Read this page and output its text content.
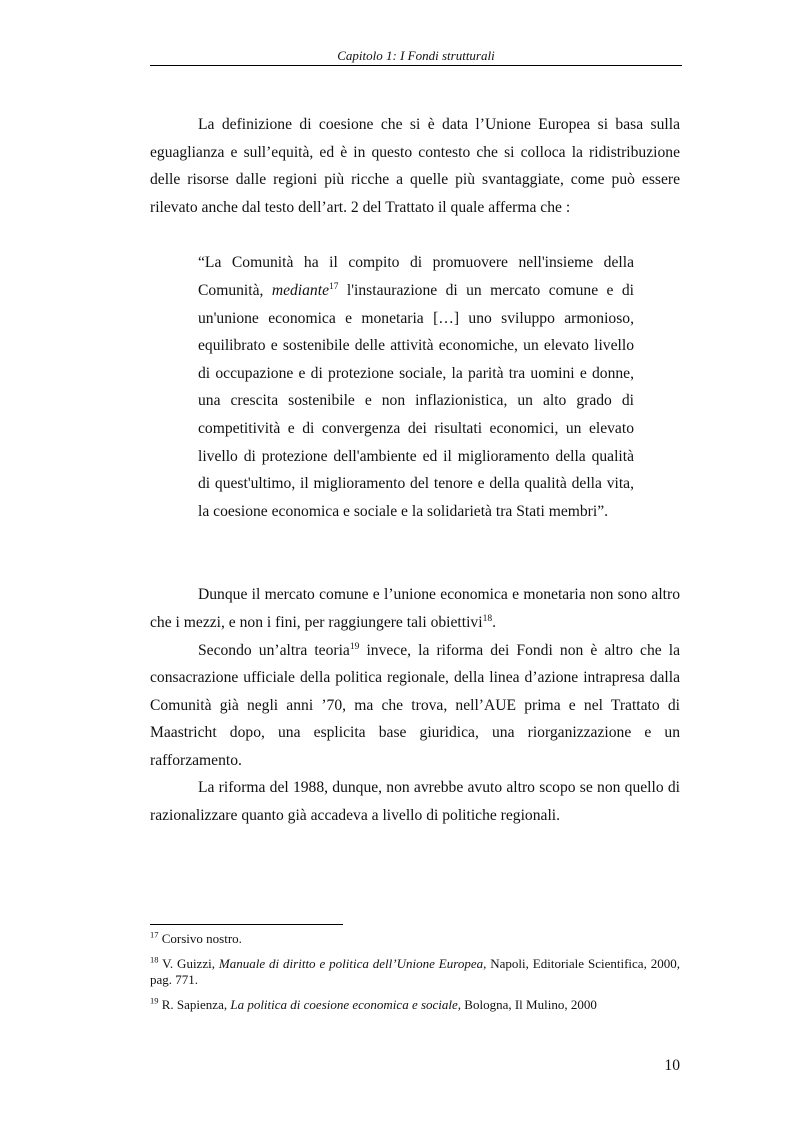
Capitolo 1: I Fondi strutturali

La definizione di coesione che si è data l’Unione Europea si basa sulla eguaglianza e sull’equità, ed è in questo contesto che si colloca la ridistribuzione delle risorse dalle regioni più ricche a quelle più svantaggiate, come può essere rilevato anche dal testo dell’art. 2 del Trattato il quale afferma che :

“La Comunità ha il compito di promuovere nell'insieme della Comunità, mediante$^{17}$ l'instaurazione di un mercato comune e di un'unione economica e monetaria […] uno sviluppo armonioso, equilibrato e sostenibile delle attività economiche, un elevato livello di occupazione e di protezione sociale, la parità tra uomini e donne, una crescita sostenibile e non inflazionistica, un alto grado di competitività e di convergenza dei risultati economici, un elevato livello di protezione dell'ambiente ed il miglioramento della qualità di quest'ultimo, il miglioramento del tenore e della qualità della vita, la coesione economica e sociale e la solidarietà tra Stati membri”.

Dunque il mercato comune e l’unione economica e monetaria non sono altro che i mezzi, e non i fini, per raggiungere tali obiettivi$^{18}$.

Secondo un’altra teoria$^{19}$ invece, la riforma dei Fondi non è altro che la consacrazione ufficiale della politica regionale, della linea d’azione intrapresa dalla Comunità già negli anni ’70, ma che trova, nell’AUE prima e nel Trattato di Maastricht dopo, una esplicita base giuridica, una riorganizzazione e un rafforzamento.

La riforma del 1988, dunque, non avrebbe avuto altro scopo se non quello di razionalizzare quanto già accadeva a livello di politiche regionali.

$^{17}$ Corsivo nostro.

$^{18}$ V. Guizzi, Manuale di diritto e politica dell’Unione Europea, Napoli, Editoriale Scientifica, 2000, pag. 771.

$^{19}$ R. Sapienza, La politica di coesione economica e sociale, Bologna, Il Mulino, 2000

10
